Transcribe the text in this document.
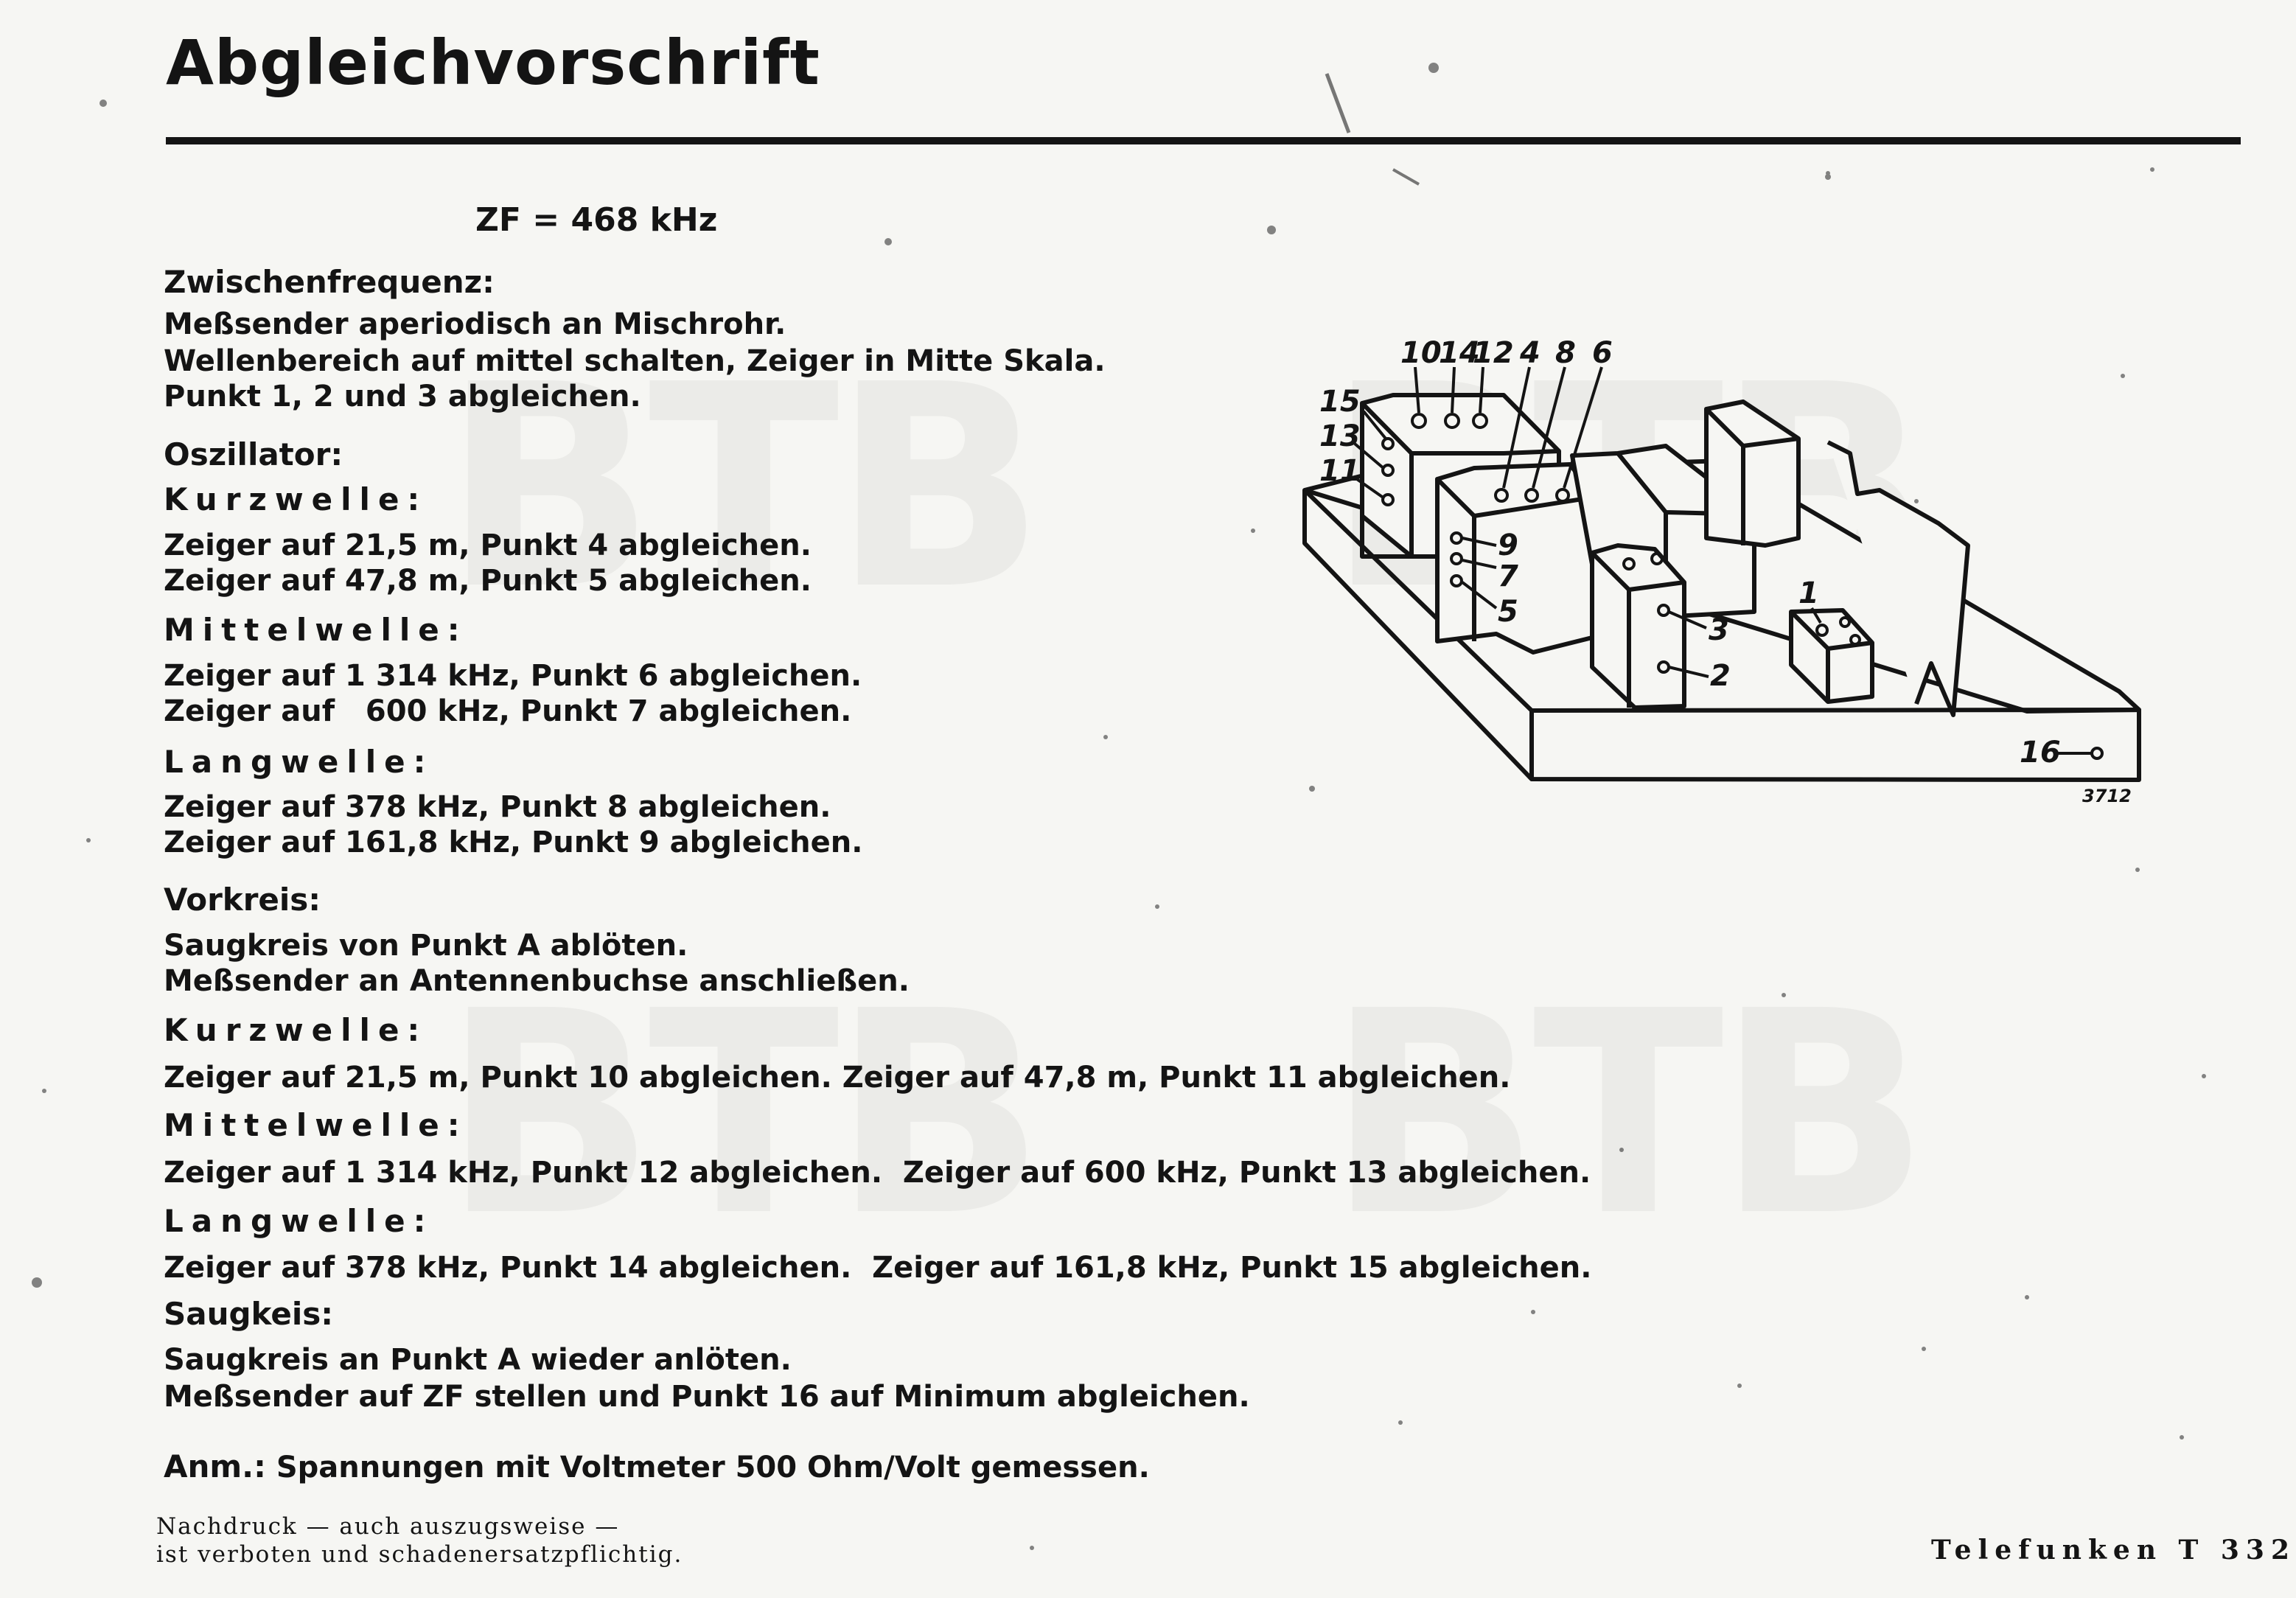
Abgleichvorschrift
ZF = 468 kHz
Zwischenfrequenz:
Meßsender aperiodisch an Mischrohr.
Wellenbereich auf mittel schalten, Zeiger in Mitte Skala.
Punkt 1, 2 und 3 abgleichen.
Oszillator:
Kurzwelle:
Zeiger auf 21,5 m, Punkt 4 abgleichen.
Zeiger auf 47,8 m, Punkt 5 abgleichen.
Mittelwelle:
Zeiger auf 1 314 kHz, Punkt 6 abgleichen.
Zeiger auf   600 kHz, Punkt 7 abgleichen.
Langwelle:
Zeiger auf 378 kHz, Punkt 8 abgleichen.
Zeiger auf 161,8 kHz, Punkt 9 abgleichen.
Vorkreis:
Saugkreis von Punkt A ablöten.
Meßsender an Antennenbuchse anschließen.
Kurzwelle:
Zeiger auf 21,5 m, Punkt 10 abgleichen. Zeiger auf 47,8 m, Punkt 11 abgleichen.
Mittelwelle:
Zeiger auf 1 314 kHz, Punkt 12 abgleichen.  Zeiger auf 600 kHz, Punkt 13 abgleichen.
Langwelle:
Zeiger auf 378 kHz, Punkt 14 abgleichen.  Zeiger auf 161,8 kHz, Punkt 15 abgleichen.
Saugkeis:
Saugkreis an Punkt A wieder anlöten.
Meßsender auf ZF stellen und Punkt 16 auf Minimum abgleichen.
Anm.: Spannungen mit Voltmeter 500 Ohm/Volt gemessen.
Nachdruck — auch auszugsweise —
ist verboten und schadenersatzpflichtig.	Telefunken T 332
10
14
12 4 8 6
15
13
11
9
7
5
3
2
1
16
3712
